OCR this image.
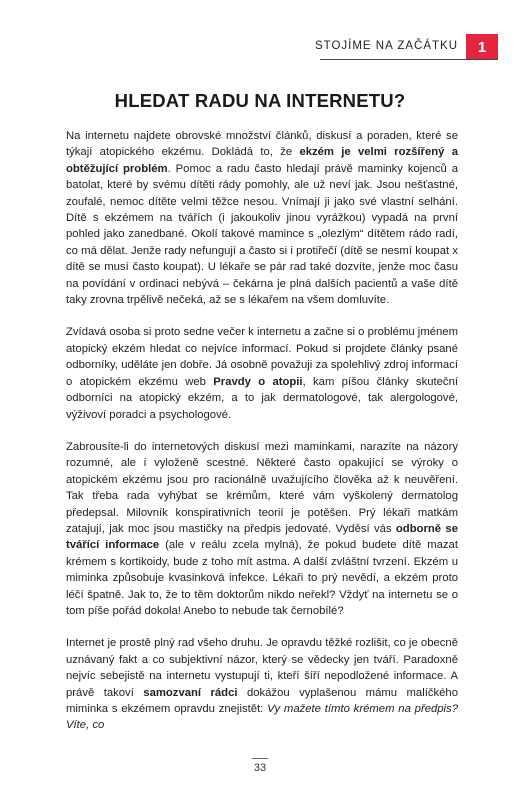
STOJÍME NA ZAČÁTKU	1
HLEDAT RADU NA INTERNETU?

Na internetu najdete obrovské množství článků, diskusí a poraden, které se týkají atopického ekzému. Dokládá to, že ekzém je velmi rozšířený a obtěžující problém. Pomoc a radu často hledají právě maminky kojenců a batolat, které by svému dítěti rády pomohly, ale už neví jak. Jsou nešťastné, zoufalé, nemoc dítěte velmi těžce nesou. Vnímají ji jako své vlastní selhání. Dítě s ekzémem na tvářích (i jakoukoliv jinou vyrážkou) vypadá na první pohled jako zanedbané. Okolí takové mamince s „olezlým“ dítětem rádo radí, co má dělat. Jenže rady nefungují a často si i protiřečí (dítě se nesmí koupat x dítě se musí často koupat). U lékaře se pár rad také dozvíte, jenže moc času na povídání v ordinaci nebývá – čekárna je plná dalších pacientů a vaše dítě taky zrovna trpělivě nečeká, až se s lékařem na všem domluvíte.

Zvídavá osoba si proto sedne večer k internetu a začne si o problému jménem atopický ekzém hledat co nejvíce informací. Pokud si projdete články psané odborníky, uděláte jen dobře. Já osobně považuji za spolehlivý zdroj informací o atopickém ekzému web Pravdy o atopii, kam píšou články skuteční odborníci na atopický ekzém, a to jak dermatologové, tak alergologové, výživoví poradci a psychologové.

Zabrousíte-li do internetových diskusí mezi maminkami, narazíte na názory rozumné, ale i vyloženě scestné. Některé často opakující se výroky o atopickém ekzému jsou pro racionálně uvažujícího člověka až k neuvěření. Tak třeba rada vyhýbat se krémům, které vám vyškolený dermatolog předepsal. Milovník konspirativních teorií je potěšen. Prý lékaři matkám zatajují, jak moc jsou mastičky na předpis jedovaté. Vyděsí vás odborně se tvářící informace (ale v reálu zcela mylná), že pokud budete dítě mazat krémem s kortikoidy, bude z toho mít astma. A další zvláštní tvrzení. Ekzém u miminka způsobuje kvasinková infekce. Lékaři to prý nevědí, a ekzém proto léčí špatně. Jak to, že to těm doktorům nikdo neřekl? Vždyť na internetu se o tom píše pořád dokola! Anebo to nebude tak černobílé?

Internet je prostě plný rad všeho druhu. Je opravdu těžké rozlišit, co je obecně uznávaný fakt a co subjektivní názor, který se vědecky jen tváří. Paradoxně nejvíc sebejistě na internetu vystupují ti, kteří šíří nepodložené informace. A právě takoví samozvaní rádci dokážou vyplašenou mámu malíčkého miminka s ekzémem opravdu znejistět: Vy mažete tímto krémem na předpis? Víte, co

33
